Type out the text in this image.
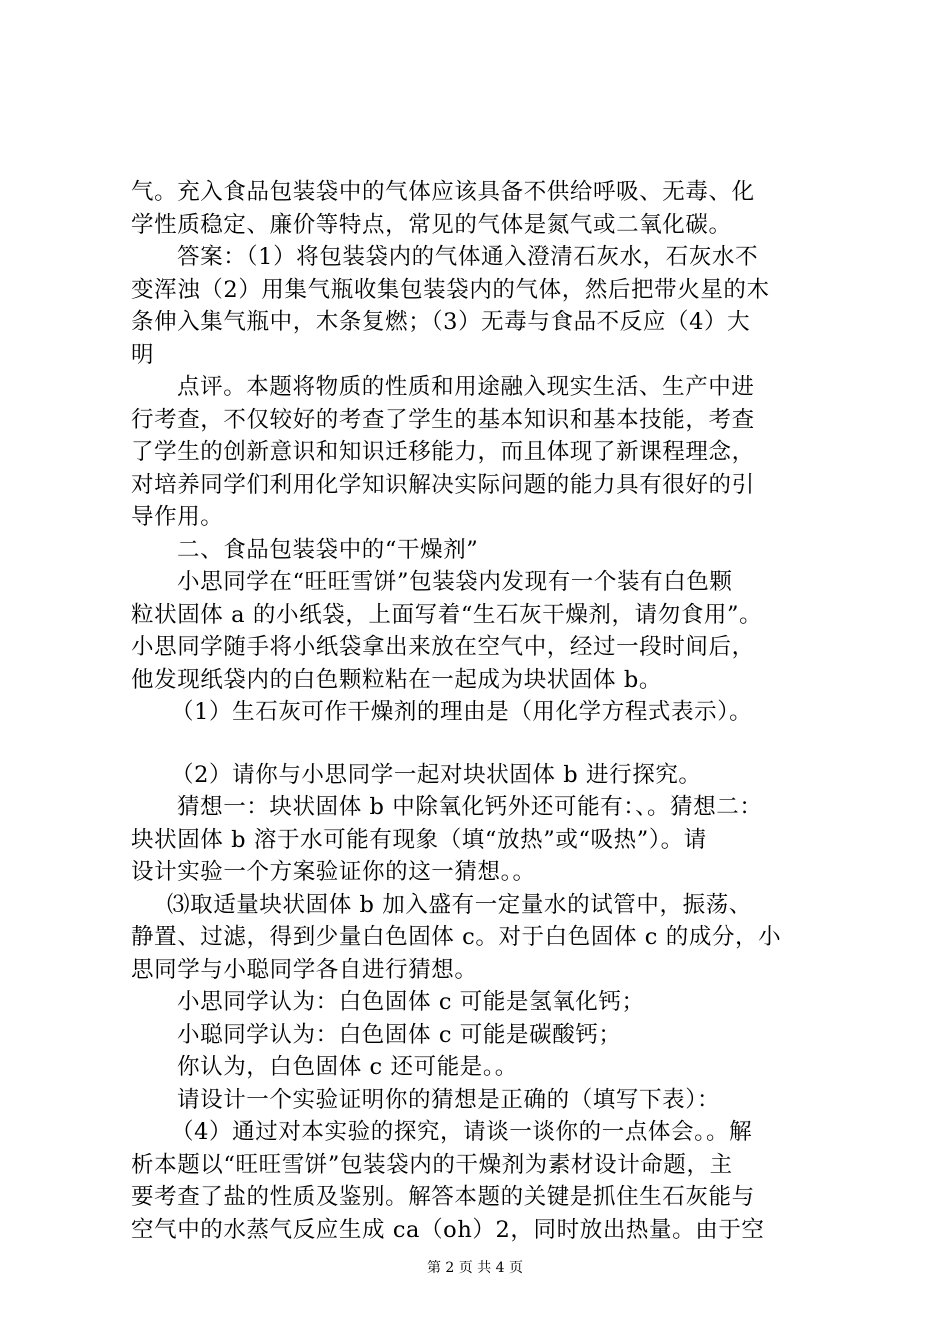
气。充入食品包装袋中的气体应该具备不供给呼吸、无毒、化
学性质稳定、廉价等特点，常见的气体是氮气或二氧化碳。
答案：（1）将包装袋内的气体通入澄清石灰水，石灰水不
变浑浊（2）用集气瓶收集包装袋内的气体，然后把带火星的木
条伸入集气瓶中，木条复燃；（3）无毒与食品不反应（4）大
明
点评。本题将物质的性质和用途融入现实生活、生产中进
行考查，不仅较好的考查了学生的基本知识和基本技能，考查
了学生的创新意识和知识迁移能力，而且体现了新课程理念，
对培养同学们利用化学知识解决实际问题的能力具有很好的引
导作用。
二、食品包装袋中的“干燥剂”
小思同学在“旺旺雪饼”包装袋内发现有一个装有白色颗
粒状固体 a 的小纸袋，上面写着“生石灰干燥剂，请勿食用”。
小思同学随手将小纸袋拿出来放在空气中，经过一段时间后，
他发现纸袋内的白色颗粒粘在一起成为块状固体 b。
（1）生石灰可作干燥剂的理由是（用化学方程式表示）。
（2）请你与小思同学一起对块状固体 b 进行探究。
猜想一：块状固体 b 中除氧化钙外还可能有：、。猜想二：
块状固体 b 溶于水可能有现象（填“放热”或“吸热”）。请
设计实验一个方案验证你的这一猜想。。
⑶取适量块状固体 b 加入盛有一定量水的试管中，振荡、
静置、过滤，得到少量白色固体 c。对于白色固体 c 的成分，小
思同学与小聪同学各自进行猜想。
小思同学认为：白色固体 c 可能是氢氧化钙；
小聪同学认为：白色固体 c 可能是碳酸钙；
你认为，白色固体 c 还可能是。。
请设计一个实验证明你的猜想是正确的（填写下表）：
（4）通过对本实验的探究，请谈一谈你的一点体会。。解
析本题以“旺旺雪饼”包装袋内的干燥剂为素材设计命题，主
要考查了盐的性质及鉴别。解答本题的关键是抓住生石灰能与
空气中的水蒸气反应生成 ca（oh）2，同时放出热量。由于空
第 2 页 共 4 页
